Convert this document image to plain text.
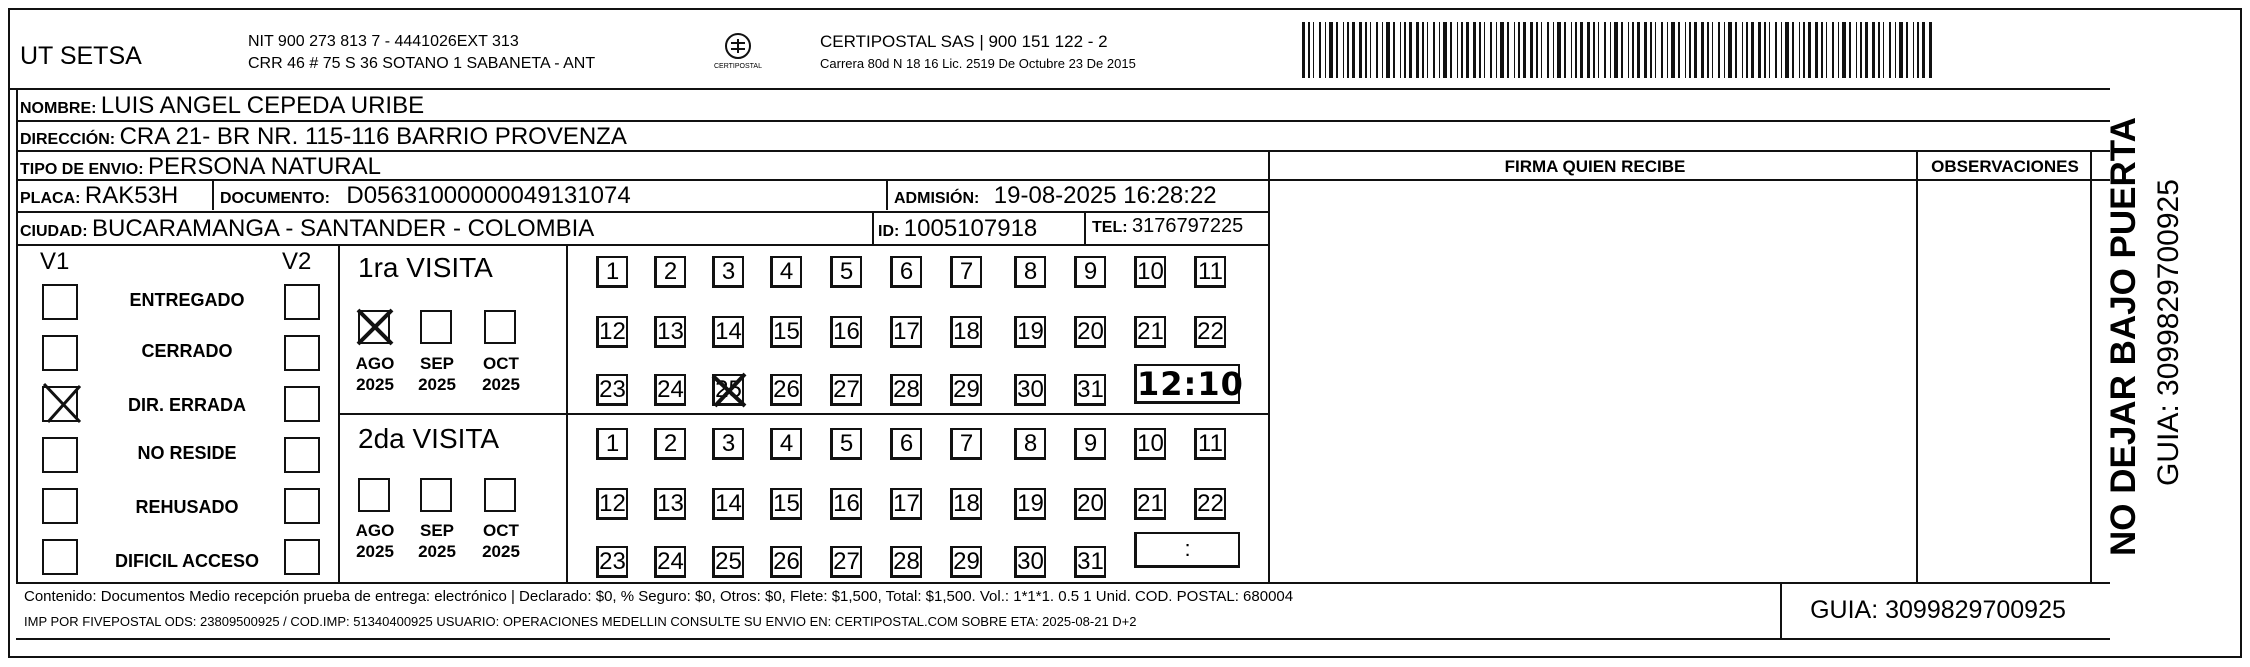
UT SETSA
NIT 900 273 813 7 - 4441026EXT 313
CRR 46 # 75 S 36 SOTANO 1 SABANETA - ANT	CERTIPOSTAL
CERTIPOSTAL SAS | 900 151 122 - 2
Carrera 80d N 18 16 Lic. 2519 De Octubre 23 De 2015
NOMBRE: LUIS ANGEL CEPEDA URIBE
DIRECCIÓN: CRA 21- BR NR. 115-116 BARRIO PROVENZA
TIPO DE ENVIO: PERSONA NATURAL	FIRMA QUIEN RECIBE	OBSERVACIONES
PLACA: RAK53H	DOCUMENTO: D05631000000049131074	ADMISIÓN: 19-08-2025 16:28:22
CIUDAD: BUCARAMANGA - SANTANDER - COLOMBIA	ID: 1005107918	TEL: 3176797225
V1	V2
ENTREGADO
CERRADO
DIR. ERRADA
NO RESIDE
REHUSADO
DIFICIL ACCESO
1ra VISITA
AGO
2025
SEP
2025
OCT
2025
2da VISITA
AGO
2025
SEP
2025
OCT
2025
1	2	3	4	5	6	7	8	9	10 11
12 13 14 15 16 17 18 19 20 21 22
23 24 25 26 27 28 29 30 31
1	2	3	4	5	6	7	8	9	10 11
12 13 14 15 16 17 18 19 20 21 22
23 24 25 26 27 28 29 30 31
12:10
:
Contenido: Documentos Medio recepción prueba de entrega: electrónico | Declarado: $0, % Seguro: $0, Otros: $0, Flete: $1,500, Total: $1,500. Vol.: 1*1*1. 0.5 1 Unid. COD. POSTAL: 680004
IMP POR FIVEPOSTAL ODS: 23809500925 / COD.IMP: 51340400925 USUARIO: OPERACIONES MEDELLIN CONSULTE SU ENVIO EN: CERTIPOSTAL.COM SOBRE ETA: 2025-08-21 D+2	GUIA: 3099829700925
NO DEJAR BAJO PUERTA GUIA: 3099829700925
